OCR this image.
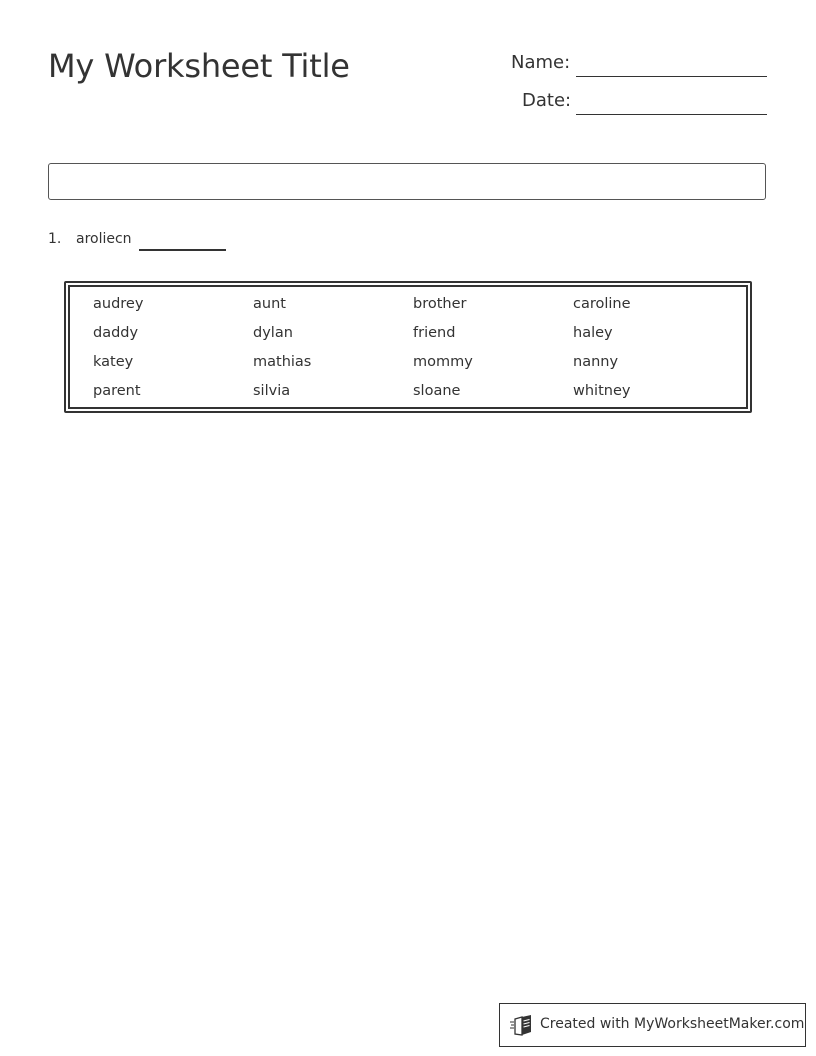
My Worksheet Title	Name:
Date:
1. aroliecn
audrey	aunt	brother	caroline
daddy	dylan	friend	haley
katey	mathias	mommy	nanny
parent	silvia	sloane	whitney
Created with MyWorksheetMaker.com
